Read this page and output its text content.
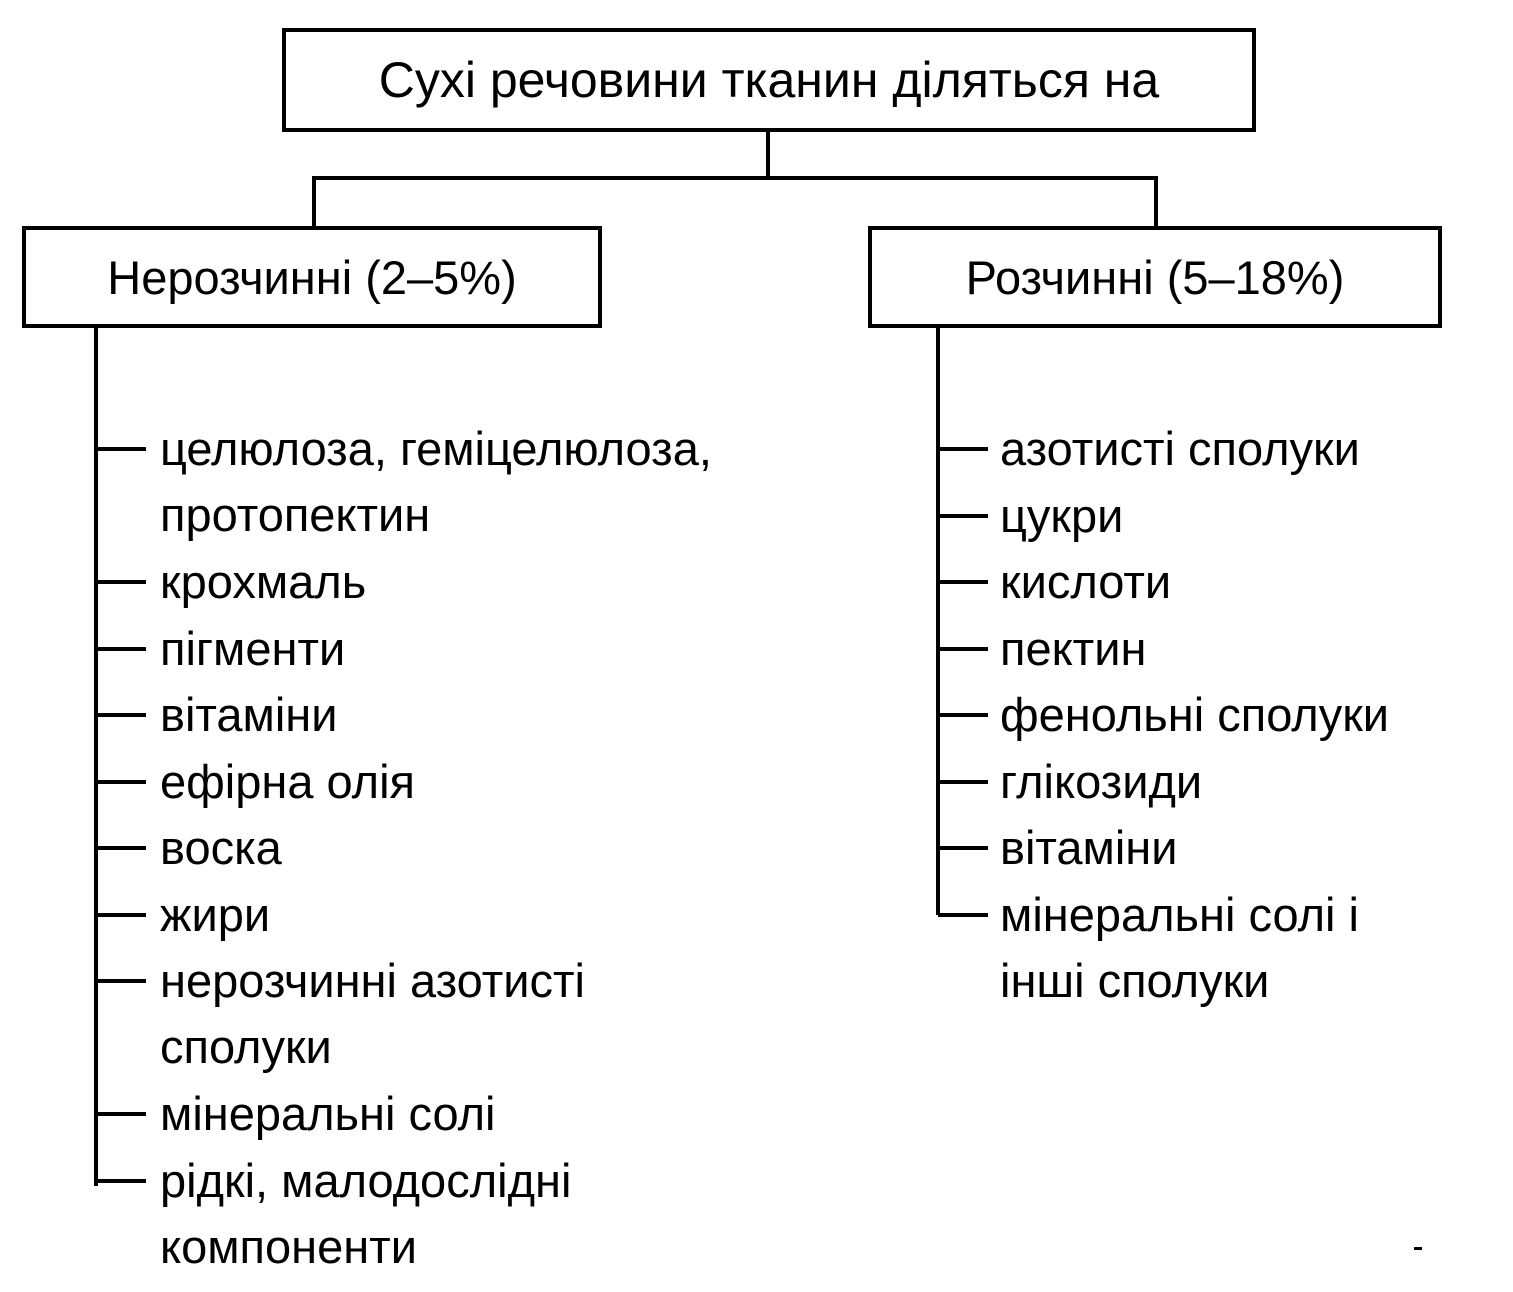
Сухі речовини тканин діляться на
Нерозчинні (2–5%)	Розчинні (5–18%)
целюлоза, геміцелюлоза,
протопектин
крохмаль
пігменти
вітаміни
ефірна олія
воска
жири
нерозчинні азотисті
сполуки
мінеральні солі
рідкі, малодослідні
компоненти
азотисті сполуки
цукри
кислоти
пектин
фенольні сполуки
глікозиди
вітаміни
мінеральні солі і
інші сполуки
